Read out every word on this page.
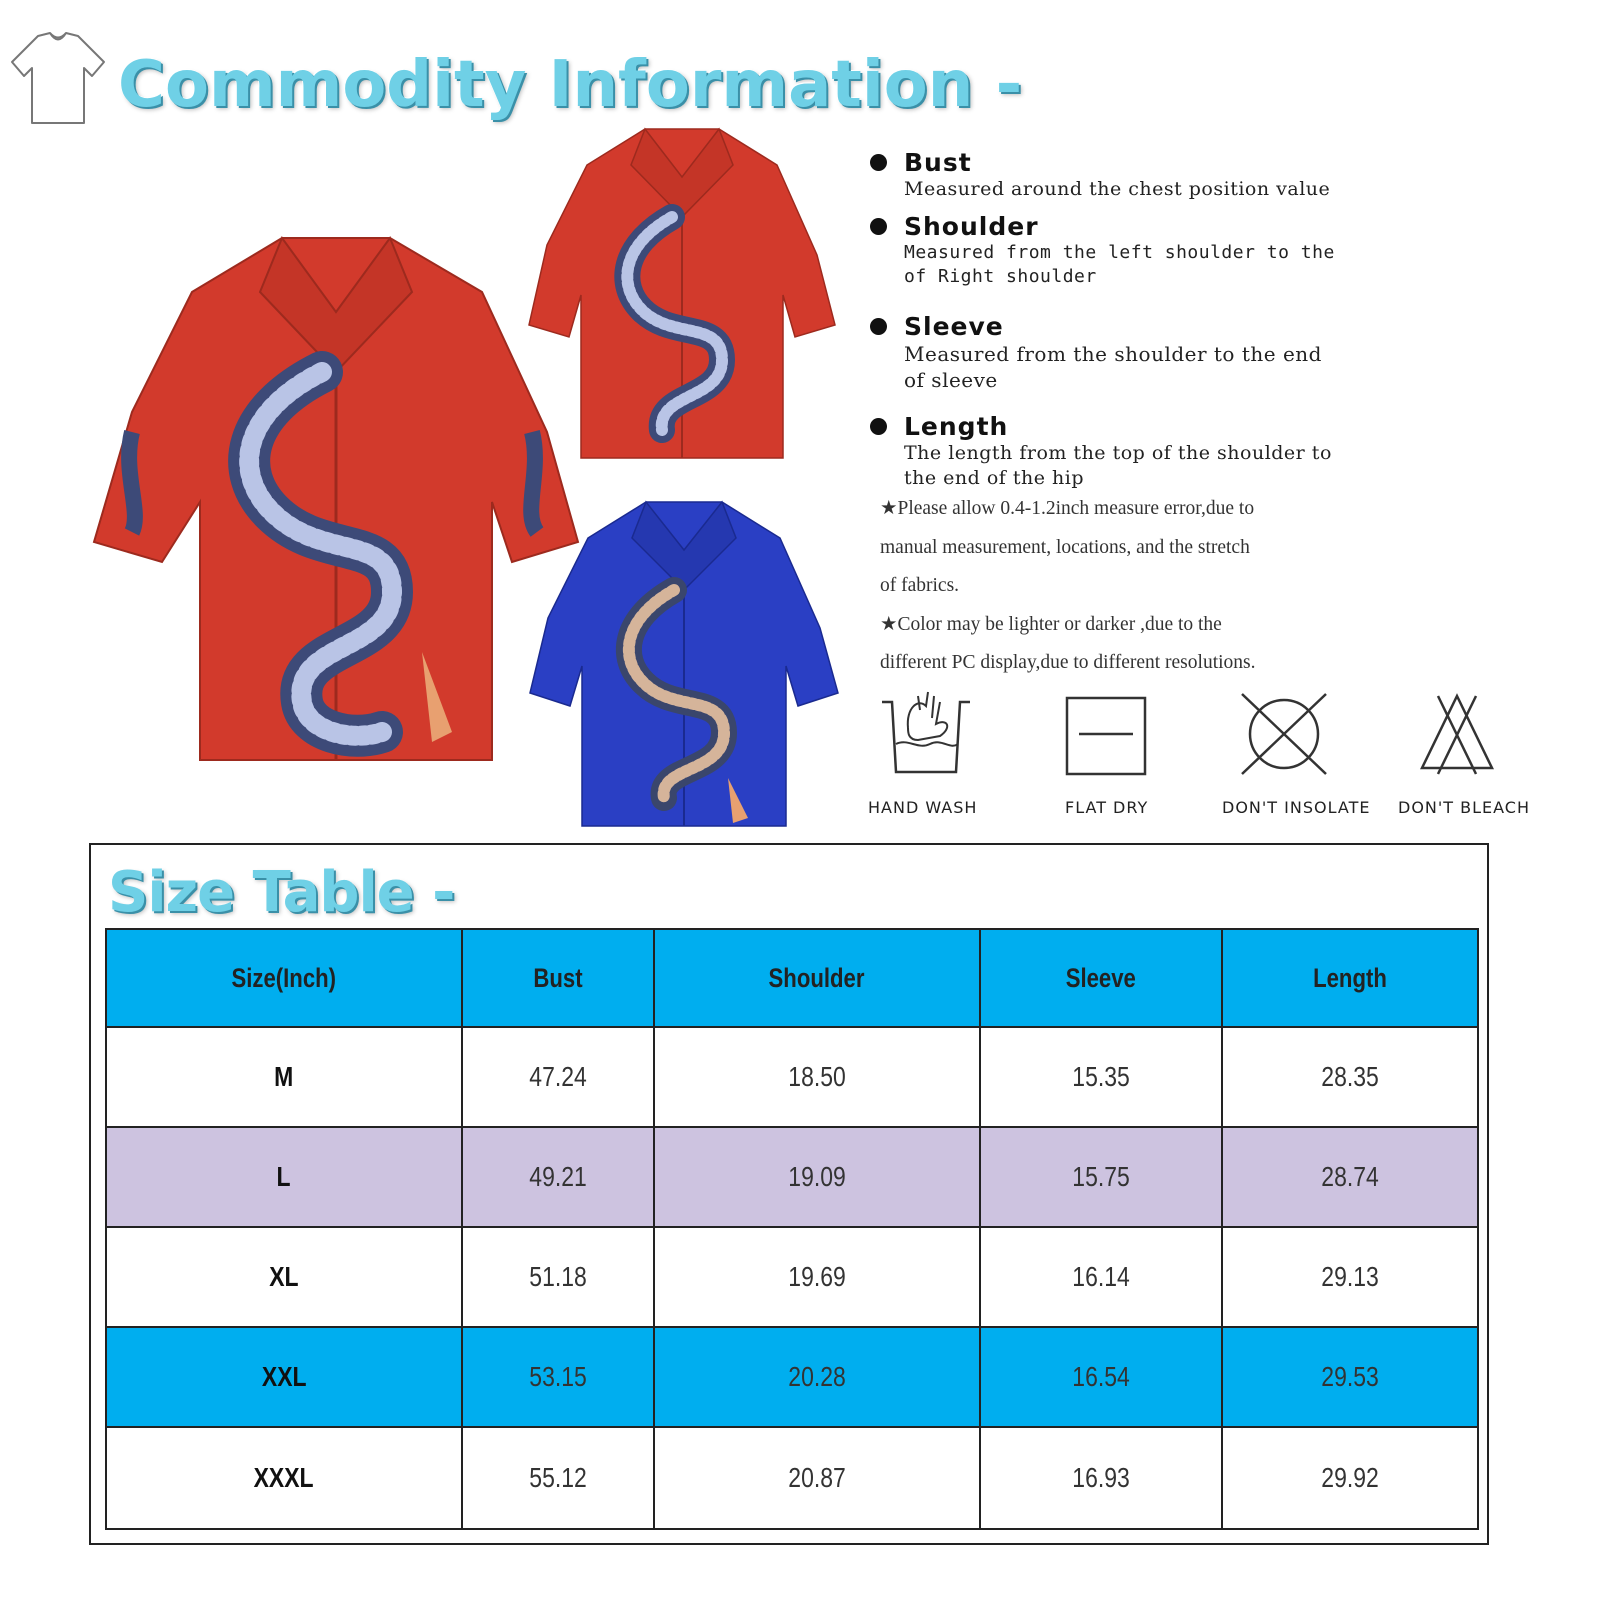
Commodity Information -
Bust
Measured around the chest position value
Shoulder
Measured from the left shoulder to the
of Right shoulder
Sleeve
Measured from the shoulder to the end
of sleeve
Length
The length from the top of the shoulder to
the end of the hip

★Please allow 0.4-1.2inch measure error,due to

manual measurement, locations, and the stretch

of fabrics.

★Color may be lighter or darker ,due to the

different PC display,due to different resolutions.

HAND WASH	FLAT DRY	DON'T INSOLATE DON'T BLEACH
Size Table -
Size(Inch)	Bust	Shoulder	Sleeve	Length
M	47.24	18.50	15.35	28.35
L	49.21	19.09	15.75	28.74
XL	51.18	19.69	16.14	29.13
XXL	53.15	20.28	16.54	29.53
XXXL	55.12	20.87	16.93	29.92
